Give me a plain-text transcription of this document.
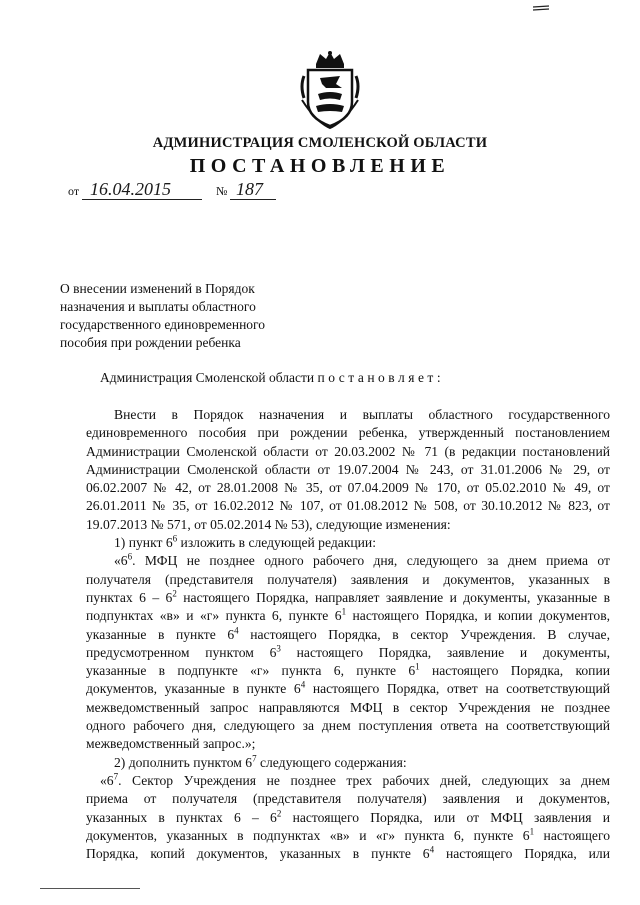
АДМИНИСТРАЦИЯ СМОЛЕНСКОЙ ОБЛАСТИ
ПОСТАНОВЛЕНИЕ
от 16.04.2015	№ 187
О внесении изменений в Порядок
назначения и выплаты областного
государственного единовременного
пособия при рождении ребенка
Администрация Смоленской области постановляет:
Внести в Порядок назначения и выплаты областного государственного
единовременного пособия при рождении ребенка, утвержденный постановлением
Администрации Смоленской области от 20.03.2002 № 71 (в редакции постановлений
Администрации Смоленской области от 19.07.2004 № 243, от 31.01.2006 № 29, от
06.02.2007 № 42, от 28.01.2008 № 35, от 07.04.2009 № 170, от 05.02.2010 № 49, от
26.01.2011 № 35, от 16.02.2012 № 107, от 01.08.2012 № 508, от 30.10.2012 № 823, от
19.07.2013 № 571, от 05.02.2014 № 53), следующие изменения:
1) пункт $6^6$ изложить в следующей редакции:
«$6^6$. МФЦ не позднее одного рабочего дня, следующего за днем приема от
получателя (представителя получателя) заявления и документов, указанных в
пунктах $6 - 6^2$ настоящего Порядка, направляет заявление и документы, указанные в
подпунктах «в» и «г» пункта 6, пункте $6^1$ настоящего Порядка, и копии документов,
указанные в пункте $6^4$ настоящего Порядка, в сектор Учреждения. В случае,
предусмотренном пунктом $6^3$ настоящего Порядка, заявление и документы,
указанные в подпункте «г» пункта 6, пункте $6^1$ настоящего Порядка, копии
документов, указанные в пункте $6^4$ настоящего Порядка, ответ на соответствующий
межведомственный запрос направляются МФЦ в сектор Учреждения не позднее
одного рабочего дня, следующего за днем поступления ответа на соответствующий
межведомственный запрос.»;
2) дополнить пунктом $6^7$ следующего содержания:
«$6^7$. Сектор Учреждения не позднее трех рабочих дней, следующих за днем
приема от получателя (представителя получателя) заявления и документов,
указанных в пунктах $6 - 6^2$ настоящего Порядка, или от МФЦ заявления и
документов, указанных в подпунктах «в» и «г» пункта 6, пункте $6^1$ настоящего
Порядка, копий документов, указанных в пункте $6^4$ настоящего Порядка, или
